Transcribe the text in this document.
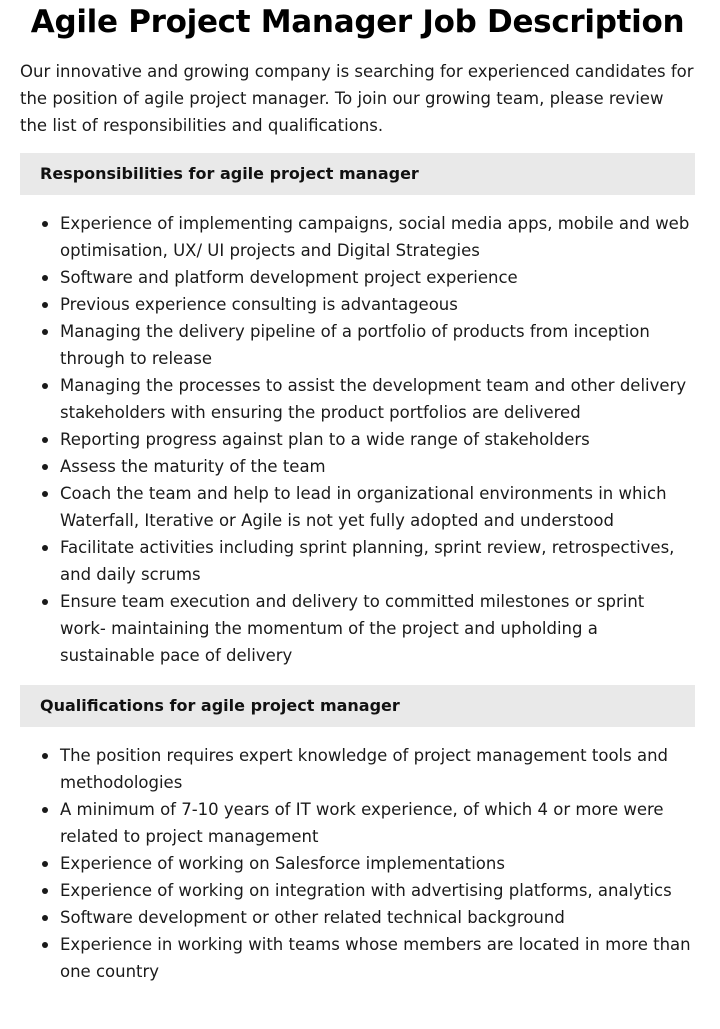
Agile Project Manager Job Description

Our innovative and growing company is searching for experienced candidates for the position of agile project manager. To join our growing team, please review the list of responsibilities and qualifications.

Responsibilities for agile project manager
Experience of implementing campaigns, social media apps, mobile and web optimisation, UX/ UI projects and Digital Strategies
Software and platform development project experience
Previous experience consulting is advantageous
Managing the delivery pipeline of a portfolio of products from inception through to release
Managing the processes to assist the development team and other delivery stakeholders with ensuring the product portfolios are delivered
Reporting progress against plan to a wide range of stakeholders
Assess the maturity of the team
Coach the team and help to lead in organizational environments in which Waterfall, Iterative or Agile is not yet fully adopted and understood
Facilitate activities including sprint planning, sprint review, retrospectives, and daily scrums
Ensure team execution and delivery to committed milestones or sprint work- maintaining the momentum of the project and upholding a sustainable pace of delivery
Qualifications for agile project manager
The position requires expert knowledge of project management tools and methodologies
A minimum of 7-10 years of IT work experience, of which 4 or more were related to project management
Experience of working on Salesforce implementations
Experience of working on integration with advertising platforms, analytics
Software development or other related technical background
Experience in working with teams whose members are located in more than one country
